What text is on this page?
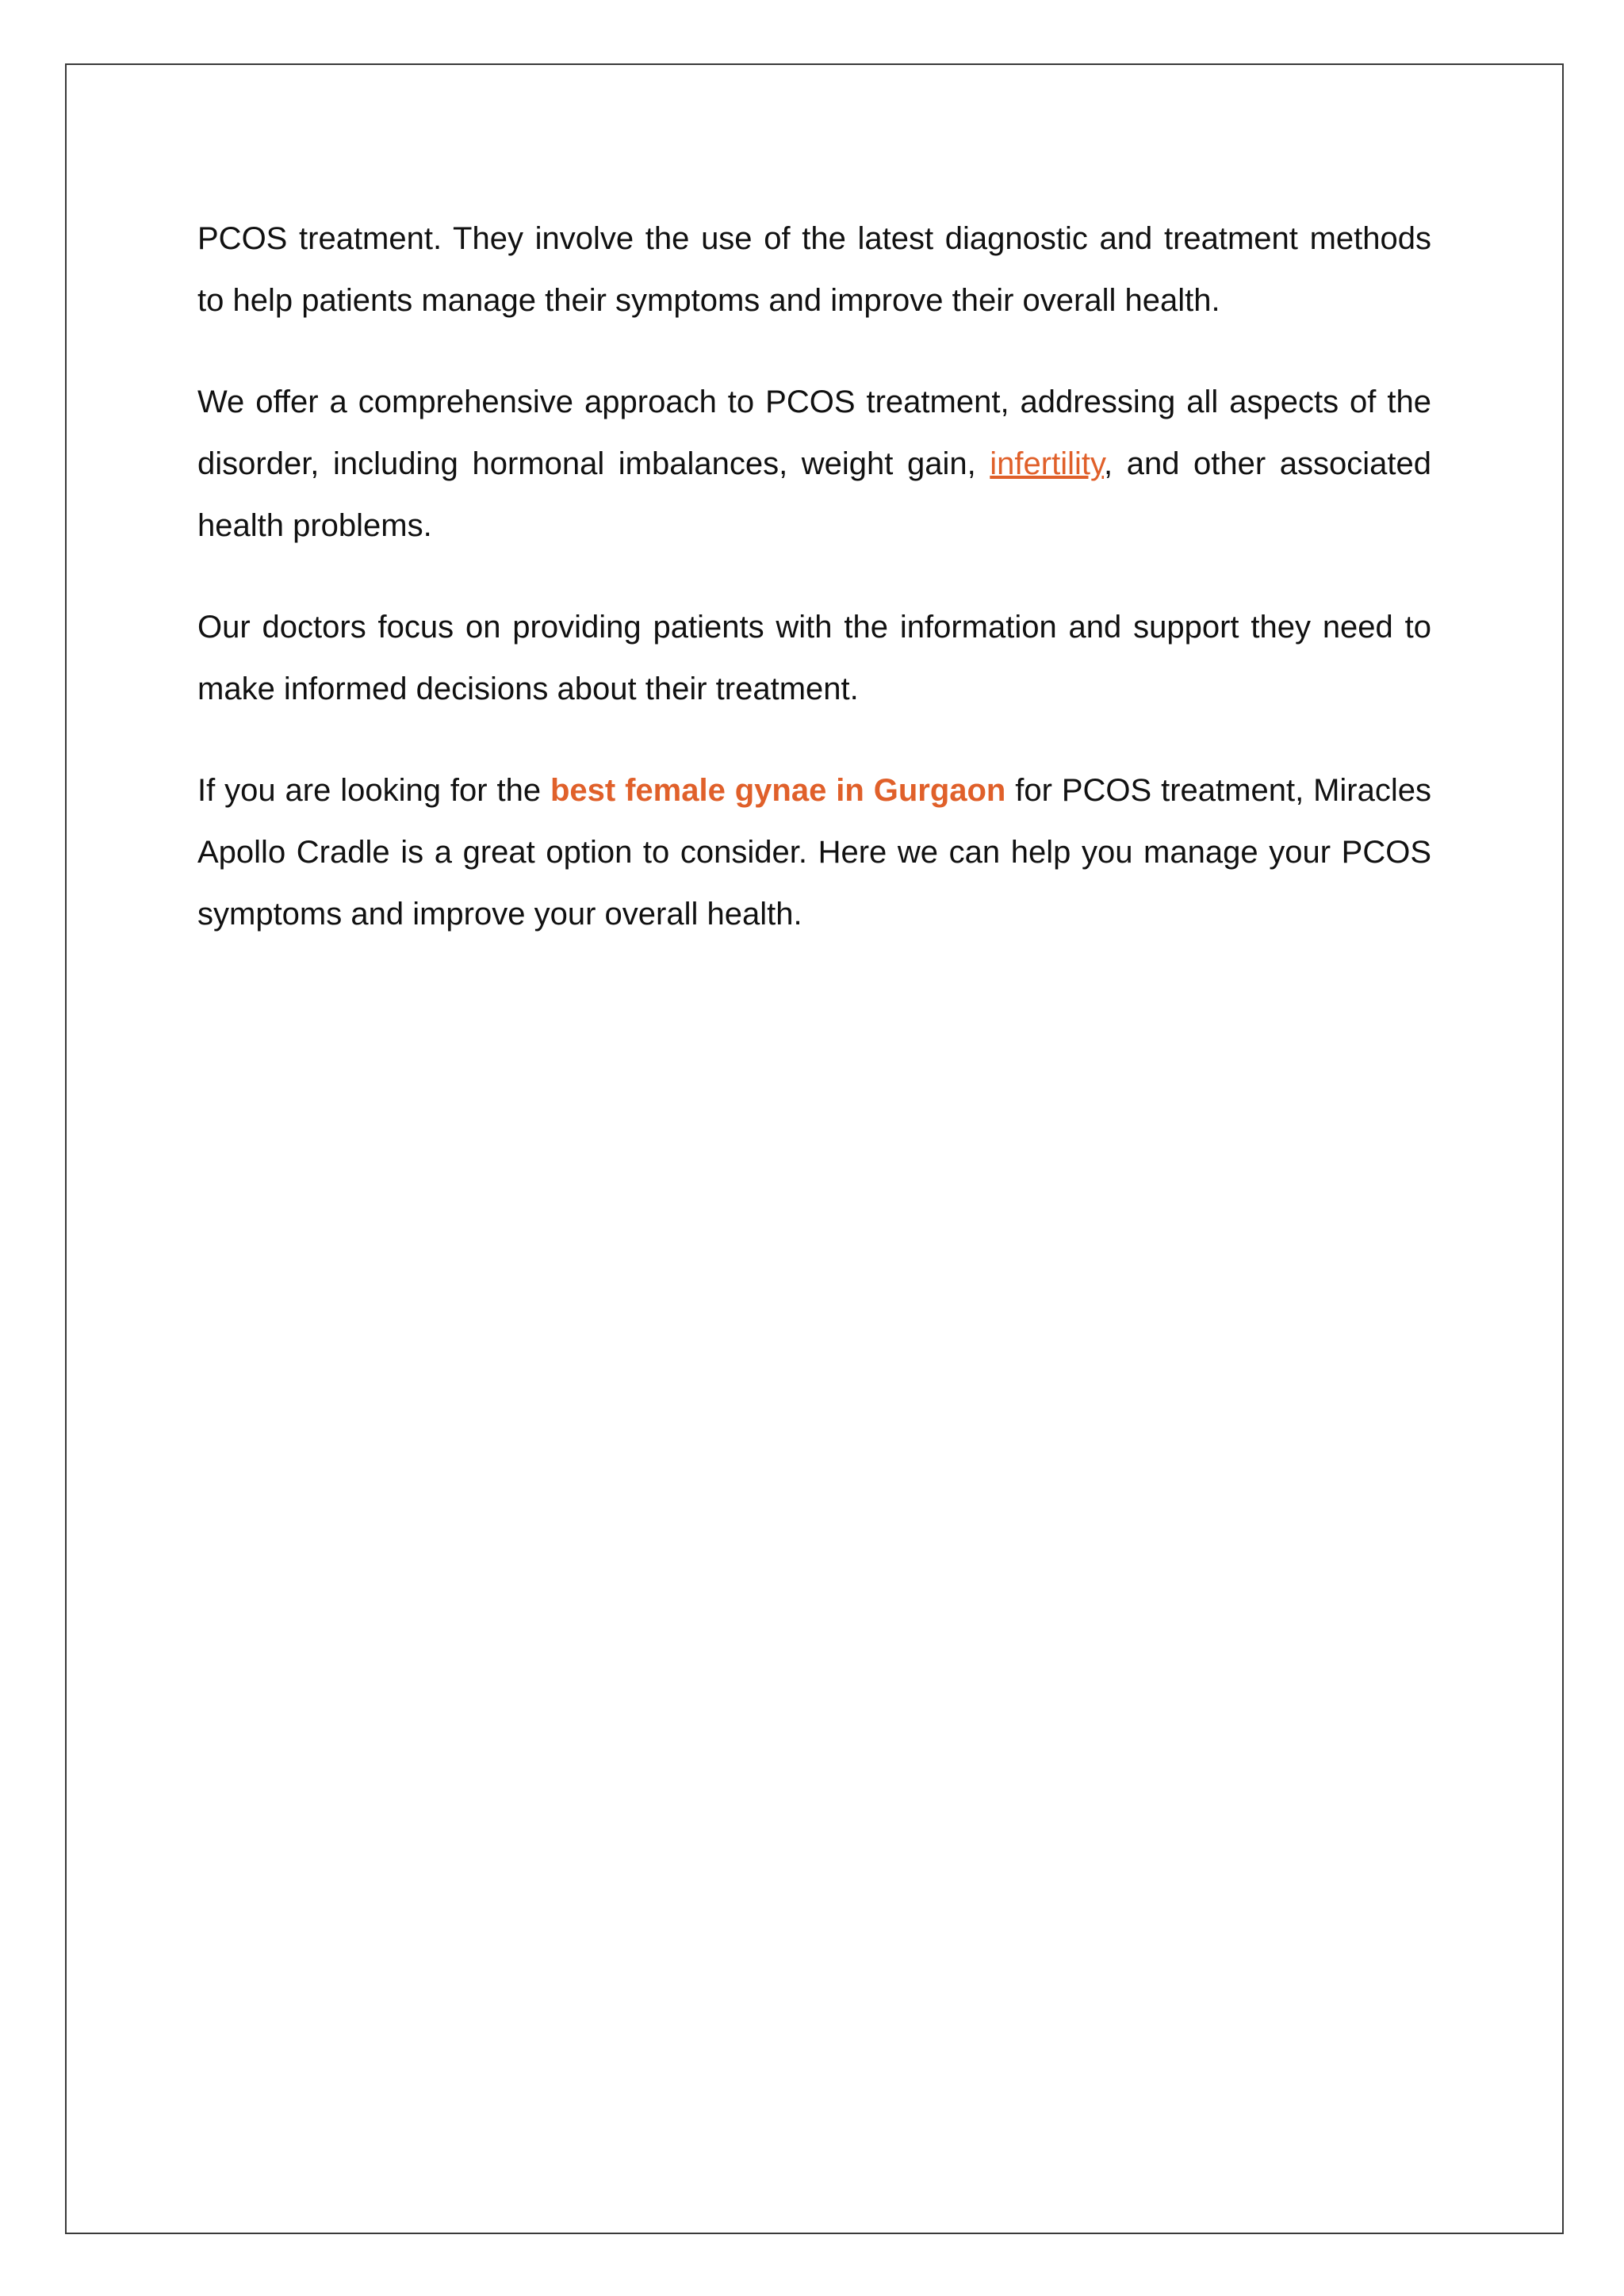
PCOS treatment. They involve the use of the latest diagnostic and treatment methods to help patients manage their symptoms and improve their overall health.

We offer a comprehensive approach to PCOS treatment, addressing all aspects of the disorder, including hormonal imbalances, weight gain, infertility, and other associated health problems.

Our doctors focus on providing patients with the information and support they need to make informed decisions about their treatment.

If you are looking for the best female gynae in Gurgaon for PCOS treatment, Miracles Apollo Cradle is a great option to consider. Here we can help you manage your PCOS symptoms and improve your overall health.
